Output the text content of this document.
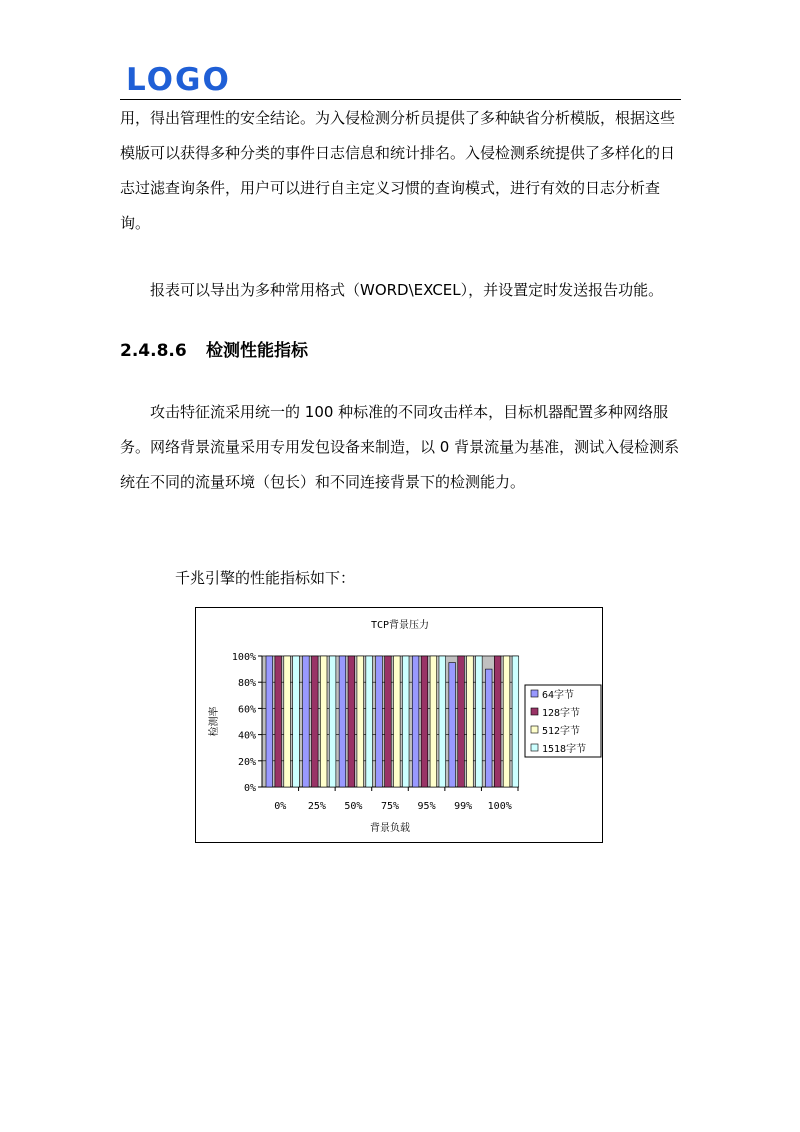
LOGO

用，得出管理性的安全结论。为入侵检测分析员提供了多种缺省分析模版，根据这些模版可以获得多种分类的事件日志信息和统计排名。入侵检测系统提供了多样化的日志过滤查询条件，用户可以进行自主定义习惯的查询模式，进行有效的日志分析查询。

报表可以导出为多种常用格式（WORD\EXCEL），并设置定时发送报告功能。

2.4.8.6 检测性能指标

攻击特征流采用统一的 100 种标准的不同攻击样本，目标机器配置多种网络服务。网络背景流量采用专用发包设备来制造，以 0 背景流量为基准，测试入侵检测系统在不同的流量环境（包长）和不同连接背景下的检测能力。

千兆引擎的性能指标如下：
TCP背景压力
0%
20%
40%
60%
80%
100%
0% 25% 50% 75% 95% 99% 100%
背景负载
检测率
64字节
128字节
512字节
1518字节
